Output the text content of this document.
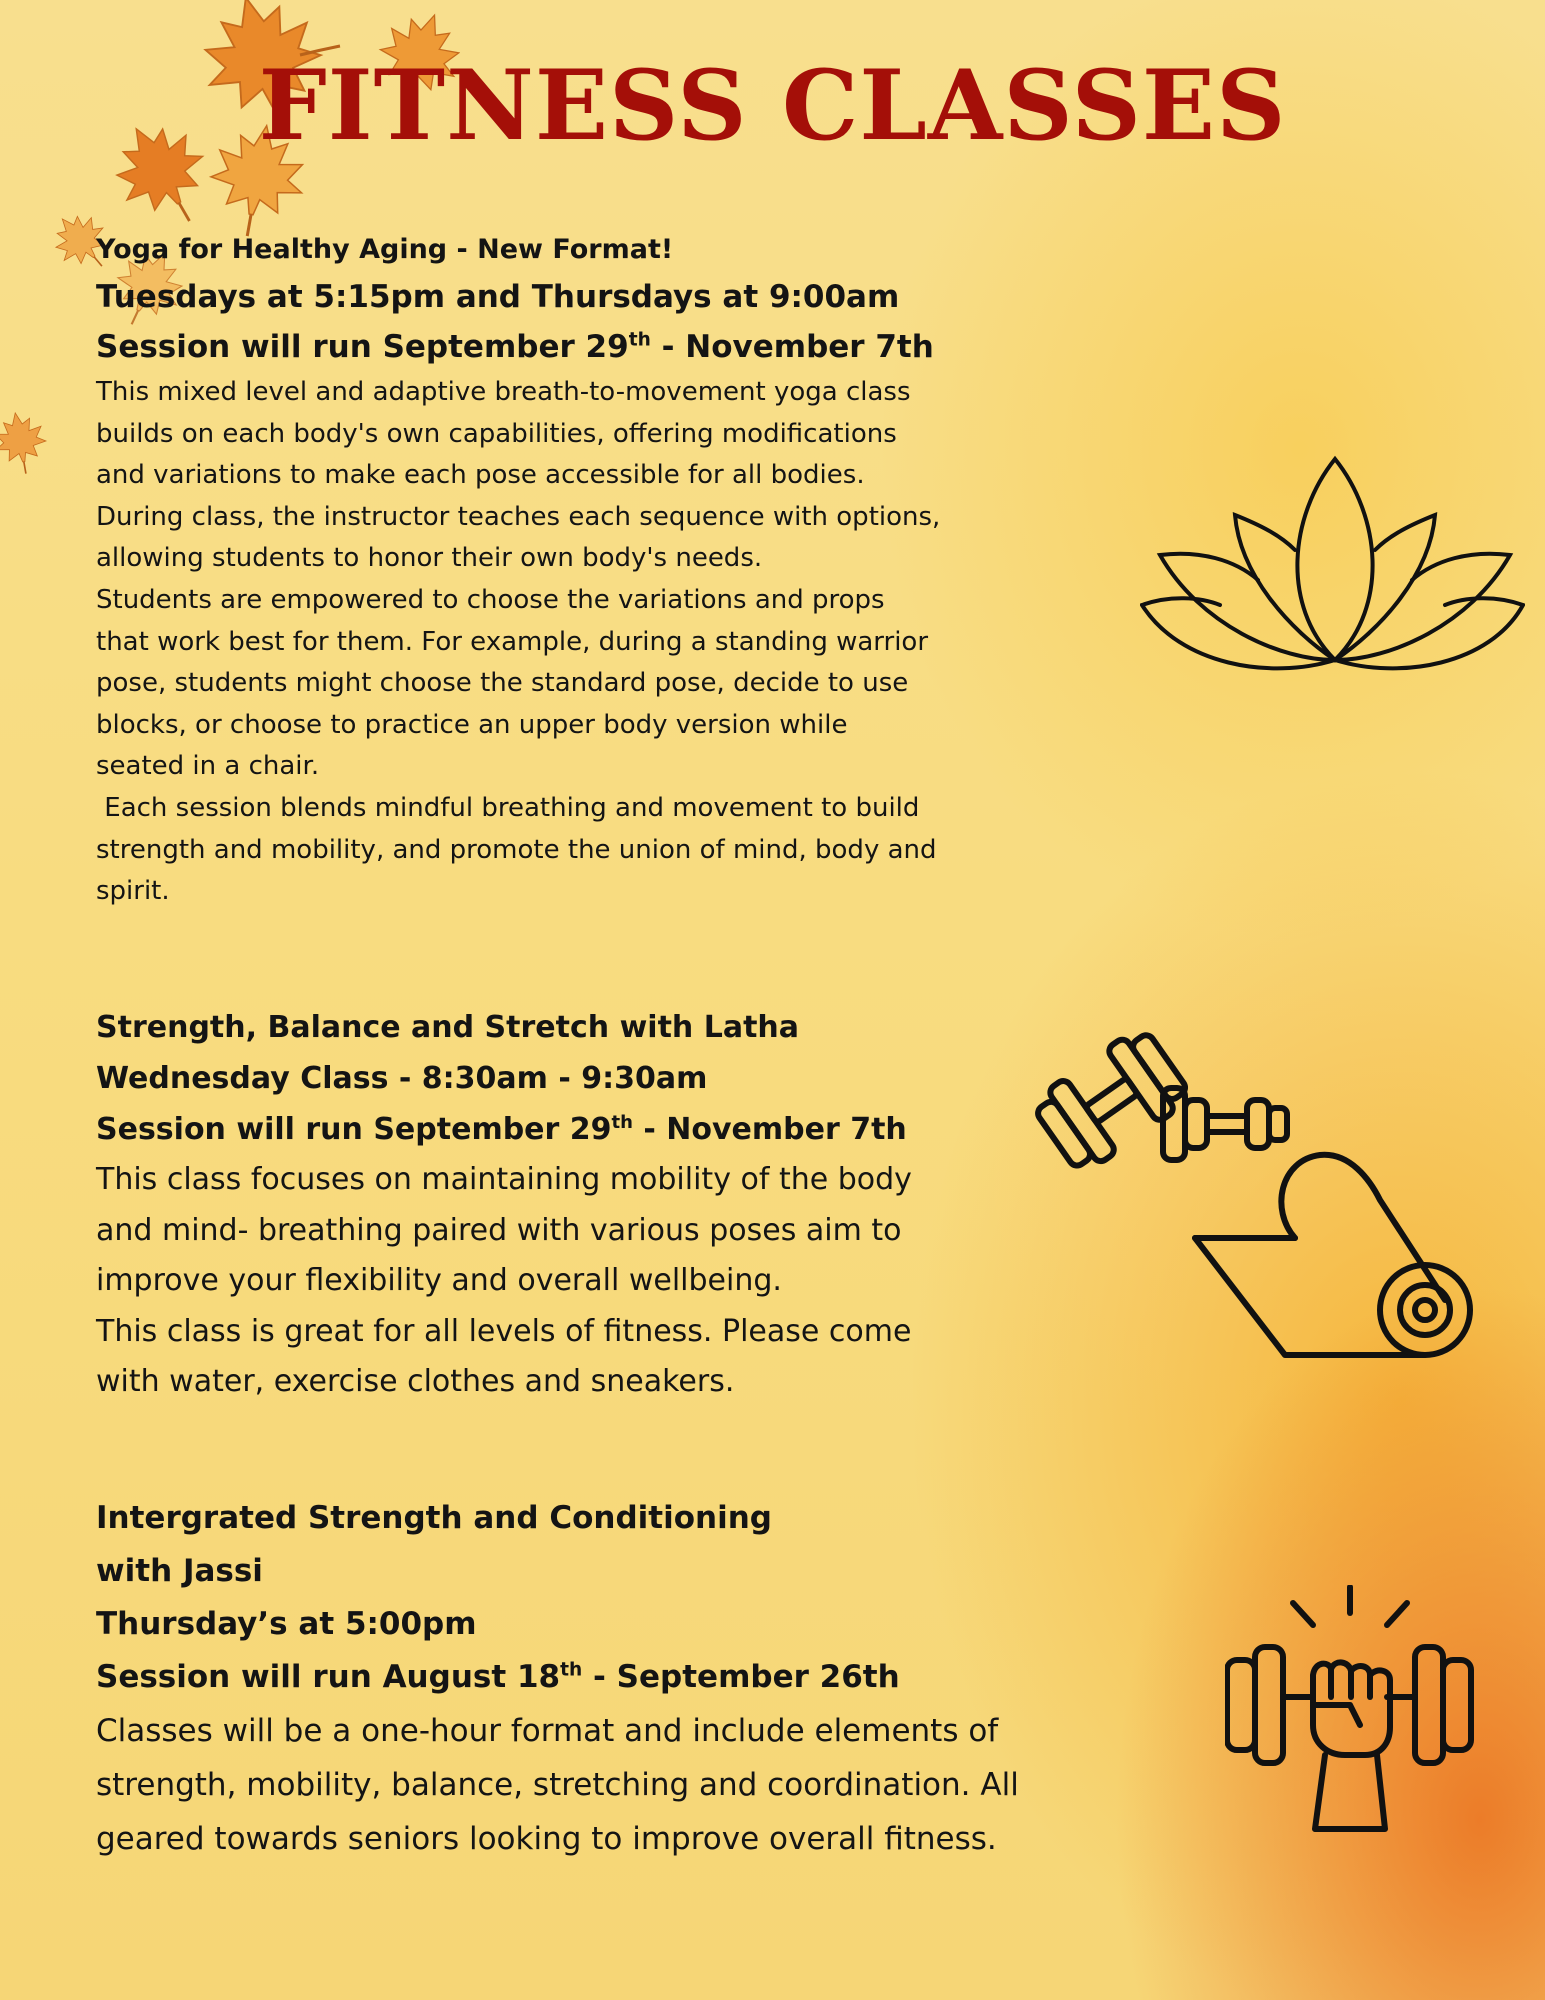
FITNESS CLASSES

Yoga for Healthy Aging - New Format!

Tuesdays at 5:15pm and Thursdays at 9:00am

Session will run September 29th - November 7th

This mixed level and adaptive breath-to-movement yoga class

builds on each body's own capabilities, offering modifications

and variations to make each pose accessible for all bodies.

During class, the instructor teaches each sequence with options,

allowing students to honor their own body's needs.

Students are empowered to choose the variations and props

that work best for them. For example, during a standing warrior

pose, students might choose the standard pose, decide to use

blocks, or choose to practice an upper body version while

seated in a chair.

Each session blends mindful breathing and movement to build

strength and mobility, and promote the union of mind, body and

spirit.

Strength, Balance and Stretch with Latha

Wednesday Class - 8:30am - 9:30am

Session will run September 29th - November 7th

This class focuses on maintaining mobility of the body

and mind- breathing paired with various poses aim to

improve your flexibility and overall wellbeing.

This class is great for all levels of fitness. Please come

with water, exercise clothes and sneakers.

Intergrated Strength and Conditioning

with Jassi

Thursday’s at 5:00pm

Session will run August 18th - September 26th

Classes will be a one-hour format and include elements of

strength, mobility, balance, stretching and coordination. All

geared towards seniors looking to improve overall fitness.
